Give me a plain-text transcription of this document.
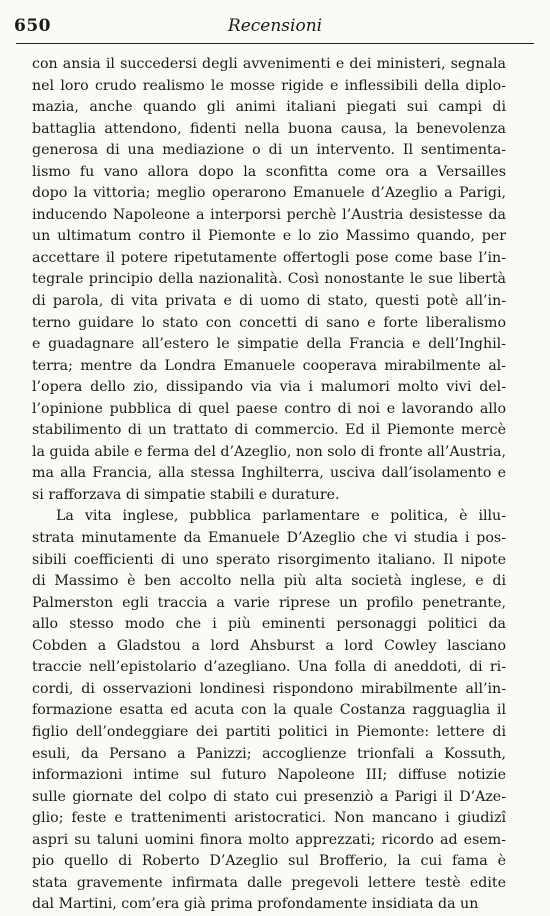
650	Recensioni
con ansia il succedersi degli avvenimenti e dei ministeri, segnala
nel loro crudo realismo le mosse rigide e inflessibili della diplo-
mazia, anche quando gli animi italiani piegati sui campi di
battaglia attendono, fidenti nella buona causa, la benevolenza
generosa di una mediazione o di un intervento. Il sentimenta-
lismo fu vano allora dopo la sconfitta come ora a Versailles
dopo la vittoria; meglio operarono Emanuele d’Azeglio a Parigi,
inducendo Napoleone a interporsi perchè l’Austria desistesse da
un ultimatum contro il Piemonte e lo zio Massimo quando, per
accettare il potere ripetutamente offertogli pose come base l’in-
tegrale principio della nazionalità. Così nonostante le sue libertà
di parola, di vita privata e di uomo di stato, questi potè all’in-
terno guidare lo stato con concetti di sano e forte liberalismo
e guadagnare all’estero le simpatie della Francia e dell’Inghil-
terra; mentre da Londra Emanuele cooperava mirabilmente al-
l’opera dello zio, dissipando via via i malumori molto vivi del-
l’opinione pubblica di quel paese contro di noi e lavorando allo
stabilimento di un trattato di commercio. Ed il Piemonte mercè
la guida abile e ferma del d’Azeglio, non solo di fronte all’Austria,
ma alla Francia, alla stessa Inghilterra, usciva dall’isolamento e
si rafforzava di simpatie stabili e durature.
La vita inglese, pubblica parlamentare e politica, è illu-
strata minutamente da Emanuele D’Azeglio che vi studia i pos-
sibili coefficienti di uno sperato risorgimento italiano. Il nipote
di Massimo è ben accolto nella più alta società inglese, e di
Palmerston egli traccia a varie riprese un profilo penetrante,
allo stesso modo che i più eminenti personaggi politici da
Cobden a Gladstou a lord Ahsburst a lord Cowley lasciano
traccie nell’epistolario d’azegliano. Una folla di aneddoti, di ri-
cordi, di osservazioni londinesi rispondono mirabilmente all’in-
formazione esatta ed acuta con la quale Costanza ragguaglia il
figlio dell’ondeggiare dei partiti politici in Piemonte: lettere di
esuli, da Persano a Panizzi; accoglienze trionfali a Kossuth,
informazioni intime sul futuro Napoleone III; diffuse notizie
sulle giornate del colpo di stato cui presenziò a Parigi il D’Aze-
glio; feste e trattenimenti aristocratici. Non mancano i giudizî
aspri su taluni uomini finora molto apprezzati; ricordo ad esem-
pio quello di Roberto D’Azeglio sul Brofferio, la cui fama è
stata gravemente infirmata dalle pregevoli lettere testè edite
dal Martini, com’era già prima profondamente insidiata da un
